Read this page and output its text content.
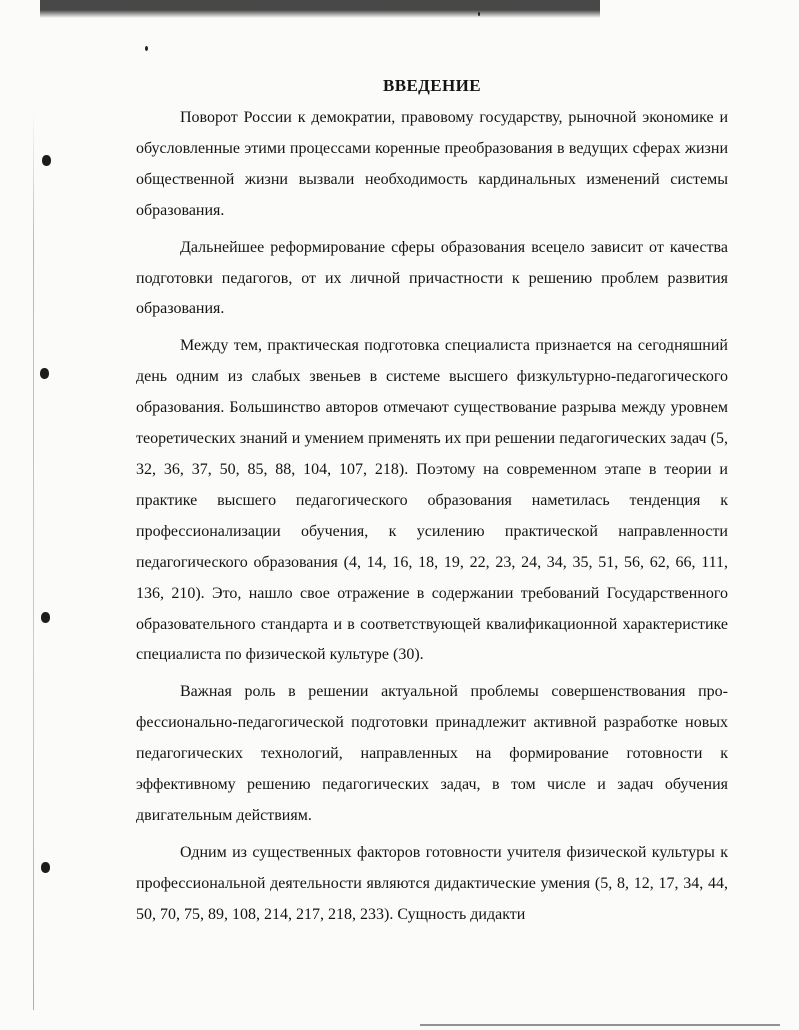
ВВЕДЕНИЕ

Поворот России к демократии, правовому государству, рыночной экономике и обусловленные этими процессами коренные преобразования в ведущих сферах жизни общественной жизни вызвали необходимость кардинальных изменений системы образования.

Дальнейшее реформирование сферы образования всецело зависит от качества подготовки педагогов, от их личной причастности к решению проблем развития образования.

Между тем, практическая подготовка специалиста признается на сегодняшний день одним из слабых звеньев в системе высшего физкультурно-педагогического образования. Большинство авторов отмечают существование разрыва между уровнем теоретических знаний и умением применять их при решении педагогических задач (5, 32, 36, 37, 50, 85, 88, 104, 107, 218). Поэтому на современном этапе в теории и практике высшего педагогического образования наметилась тенденция к профессионализации обучения, к усилению практической направленности педагогического образования (4, 14, 16, 18, 19, 22, 23, 24, 34, 35, 51, 56, 62, 66, 111, 136, 210). Это, нашло свое отражение в содержании требований Государственного образовательного стандарта и в соответствующей квалификационной характеристике специалиста по физической культуре (30).

Важная роль в решении актуальной проблемы совершенствования профессионально-педагогической подготовки принадлежит активной разработке новых педагогических технологий, направленных на формирование готовности к эффективному решению педагогических задач, в том числе и задач обучения двигательным действиям.

Одним из существенных факторов готовности учителя физической культуры к профессиональной деятельности являются дидактические умения (5, 8, 12, 17, 34, 44, 50, 70, 75, 89, 108, 214, 217, 218, 233). Сущность дидакти
